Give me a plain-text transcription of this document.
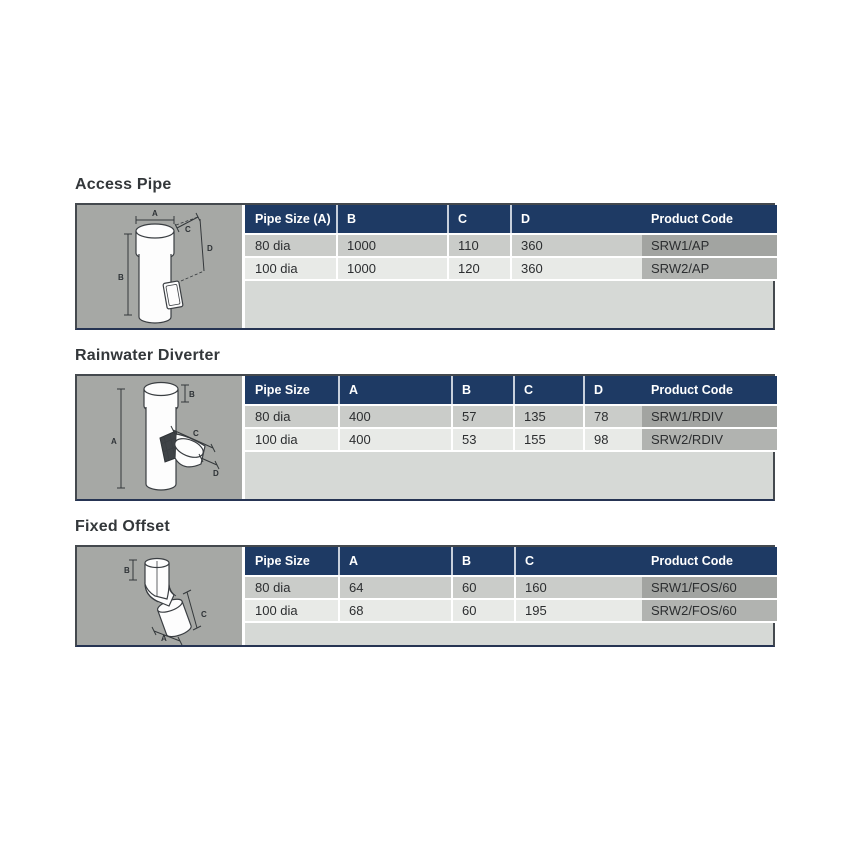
Access Pipe
A
B
C
D
Pipe Size (A)	B	C	D	Product Code
80 dia	1000	110	360	SRW1/AP
100 dia	1000	120	360	SRW2/AP
Rainwater Diverter
A
B
C
D
Pipe Size	A	B	C	D	Product Code
80 dia	400	57	135	78	SRW1/RDIV
100 dia	400	53	155	98	SRW2/RDIV
Fixed Offset
B
C
A
Pipe Size	A	B	C	Product Code
80 dia	64	60	160	SRW1/FOS/60
100 dia	68	60	195	SRW2/FOS/60
